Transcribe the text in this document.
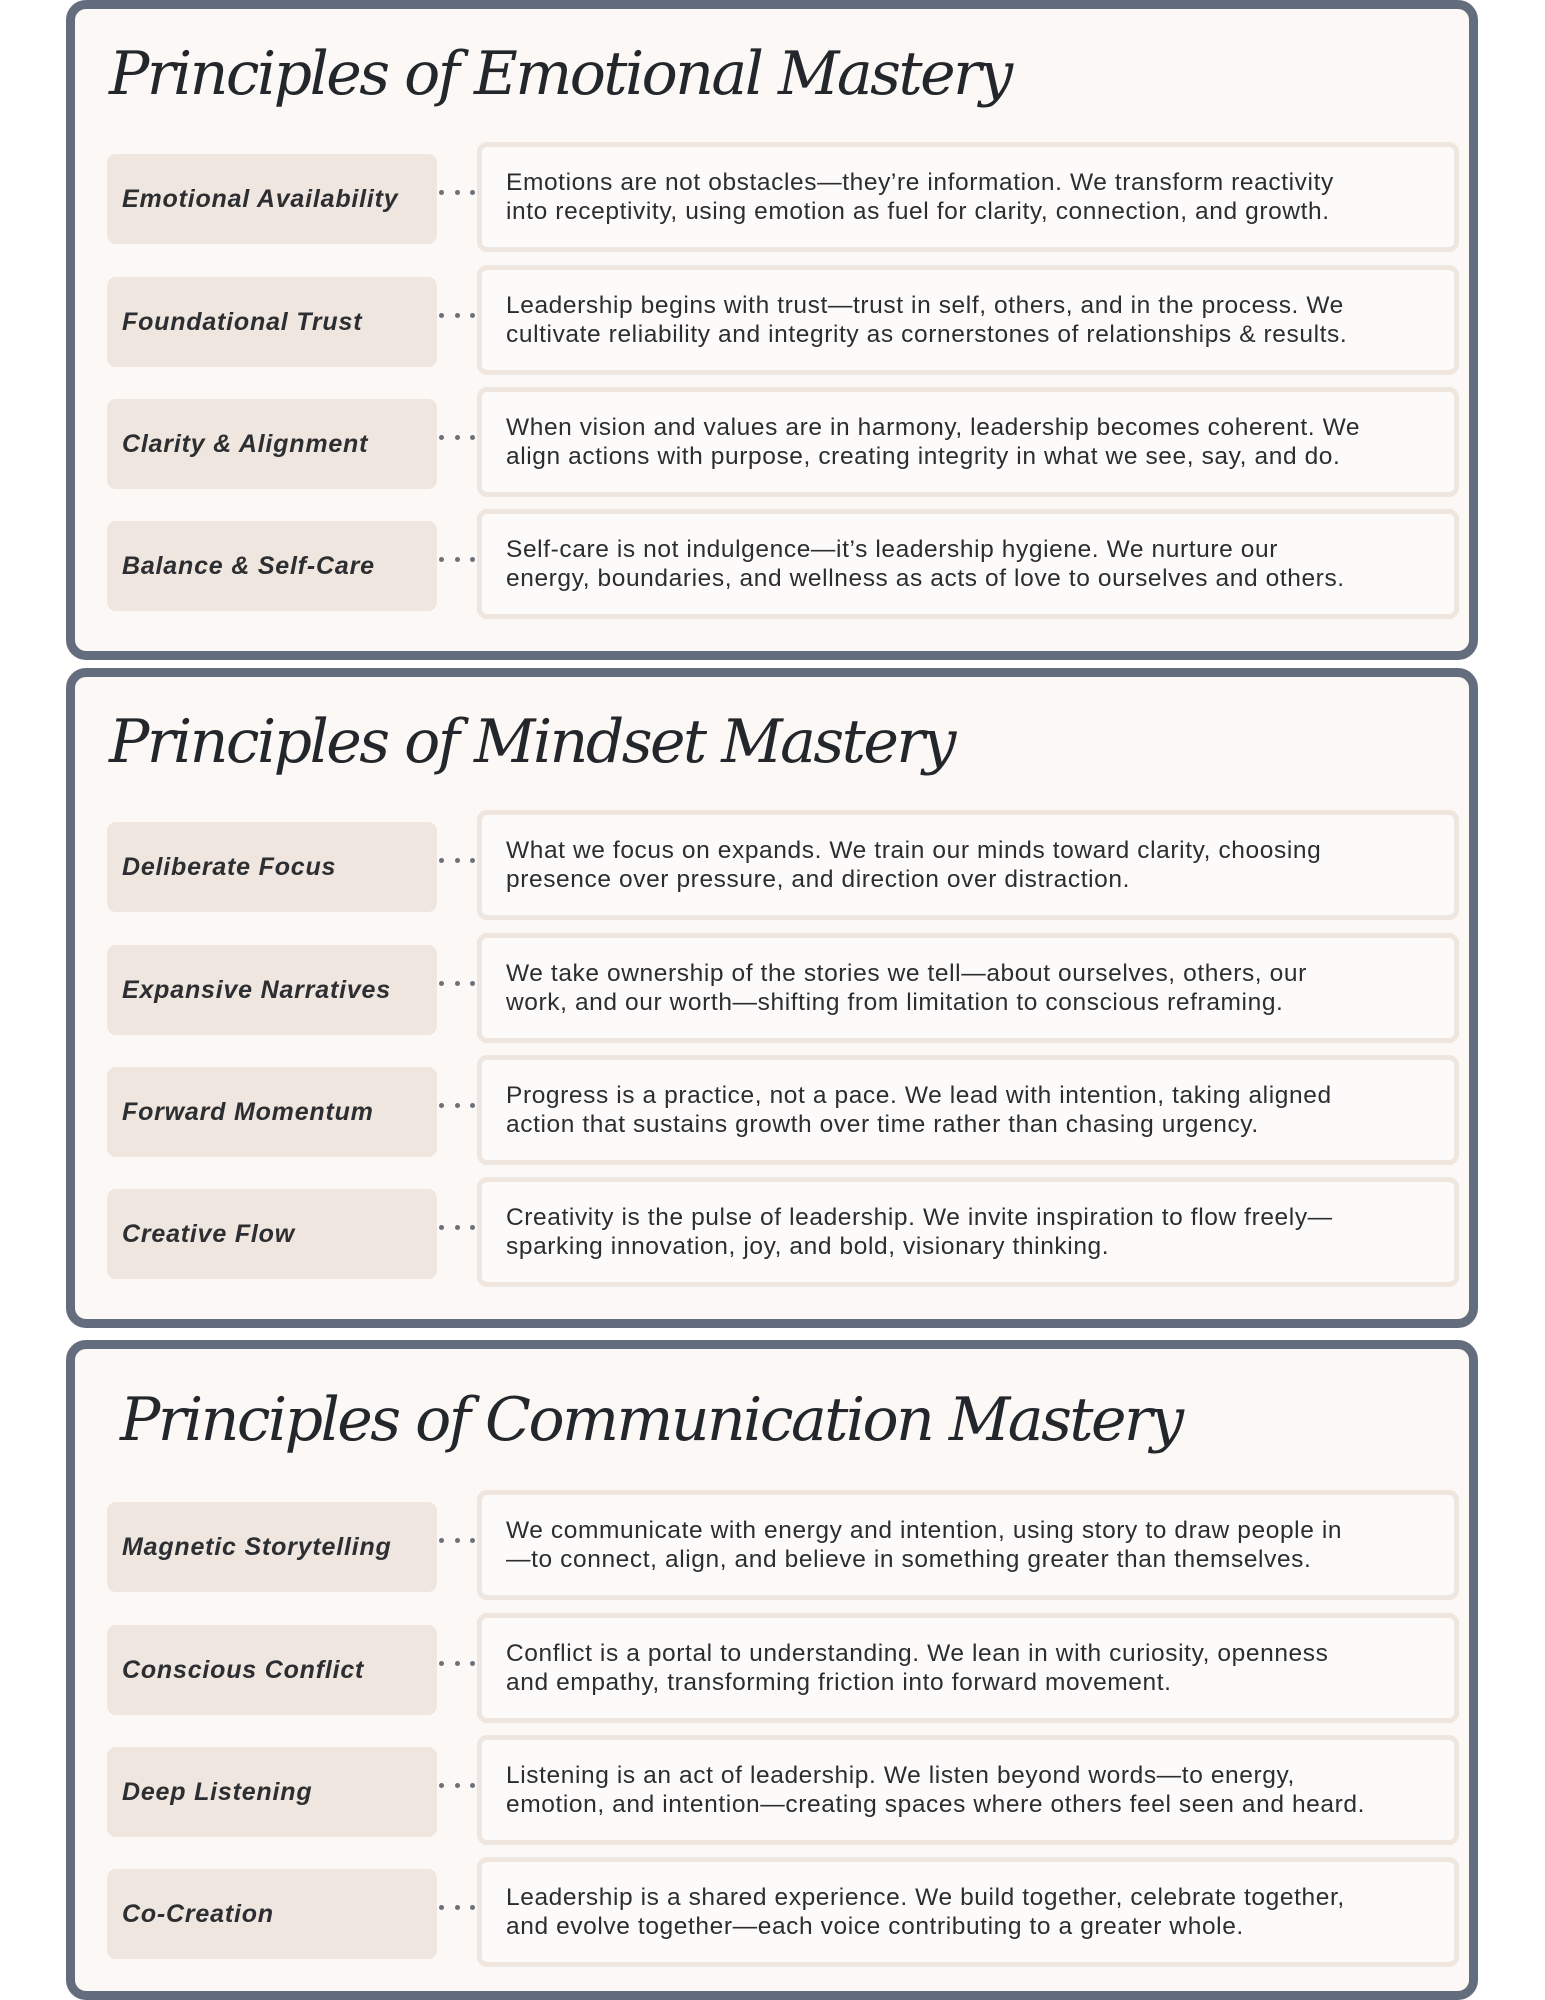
Principles of Emotional Mastery
Emotional Availability
Emotions are not obstacles—they’re information. We transform reactivity
into receptivity, using emotion as fuel for clarity, connection, and growth.
Foundational Trust
Leadership begins with trust—trust in self, others, and in the process. We
cultivate reliability and integrity as cornerstones of relationships & results.
Clarity & Alignment
When vision and values are in harmony, leadership becomes coherent. We
align actions with purpose, creating integrity in what we see, say, and do.
Balance & Self-Care
Self-care is not indulgence—it’s leadership hygiene. We nurture our
energy, boundaries, and wellness as acts of love to ourselves and others.
Principles of Mindset Mastery
Deliberate Focus
What we focus on expands. We train our minds toward clarity, choosing
presence over pressure, and direction over distraction.
Expansive Narratives
We take ownership of the stories we tell—about ourselves, others, our
work, and our worth—shifting from limitation to conscious reframing.
Forward Momentum
Progress is a practice, not a pace. We lead with intention, taking aligned
action that sustains growth over time rather than chasing urgency.
Creative Flow
Creativity is the pulse of leadership. We invite inspiration to flow freely—
sparking innovation, joy, and bold, visionary thinking.
Principles of Communication Mastery
Magnetic Storytelling
We communicate with energy and intention, using story to draw people in
—to connect, align, and believe in something greater than themselves.
Conscious Conflict
Conflict is a portal to understanding. We lean in with curiosity, openness
and empathy, transforming friction into forward movement.
Deep Listening
Listening is an act of leadership. We listen beyond words—to energy,
emotion, and intention—creating spaces where others feel seen and heard.
Co-Creation
Leadership is a shared experience. We build together, celebrate together,
and evolve together—each voice contributing to a greater whole.
